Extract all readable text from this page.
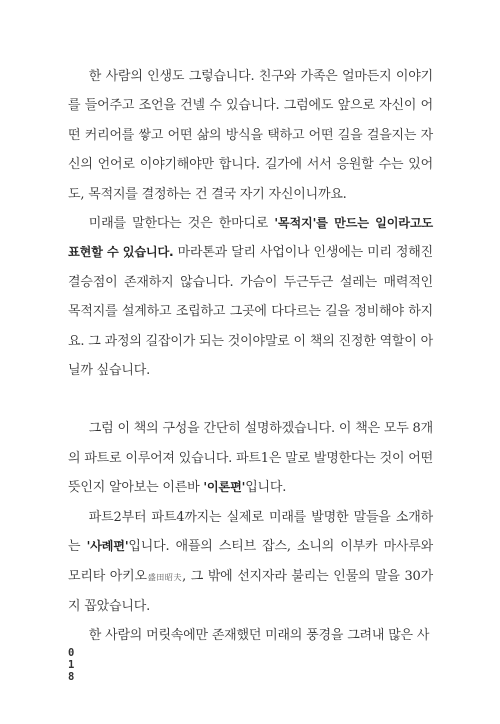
한 사람의 인생도 그렇습니다. 친구와 가족은 얼마든지 이야기를 들어주고 조언을 건넬 수 있습니다. 그럼에도 앞으로 자신이 어떤 커리어를 쌓고 어떤 삶의 방식을 택하고 어떤 길을 걸을지는 자신의 언어로 이야기해야만 합니다. 길가에 서서 응원할 수는 있어도, 목적지를 결정하는 건 결국 자기 자신이니까요.

미래를 말한다는 것은 한마디로 '목적지'를 만드는 일이라고도 표현할 수 있습니다. 마라톤과 달리 사업이나 인생에는 미리 정해진 결승점이 존재하지 않습니다. 가슴이 두근두근 설레는 매력적인 목적지를 설계하고 조립하고 그곳에 다다르는 길을 정비해야 하지요. 그 과정의 길잡이가 되는 것이야말로 이 책의 진정한 역할이 아닐까 싶습니다.

그럼 이 책의 구성을 간단히 설명하겠습니다. 이 책은 모두 8개의 파트로 이루어져 있습니다. 파트1은 말로 발명한다는 것이 어떤 뜻인지 알아보는 이른바 '이론편'입니다.

파트2부터 파트4까지는 실제로 미래를 발명한 말들을 소개하는 '사례편'입니다. 애플의 스티브 잡스, 소니의 이부카 마사루와 모리타 아키오盛田昭夫, 그 밖에 선지자라 불리는 인물의 말을 30가지 꼽았습니다.

한 사람의 머릿속에만 존재했던 미래의 풍경을 그려내 많은 사

0
1
8
